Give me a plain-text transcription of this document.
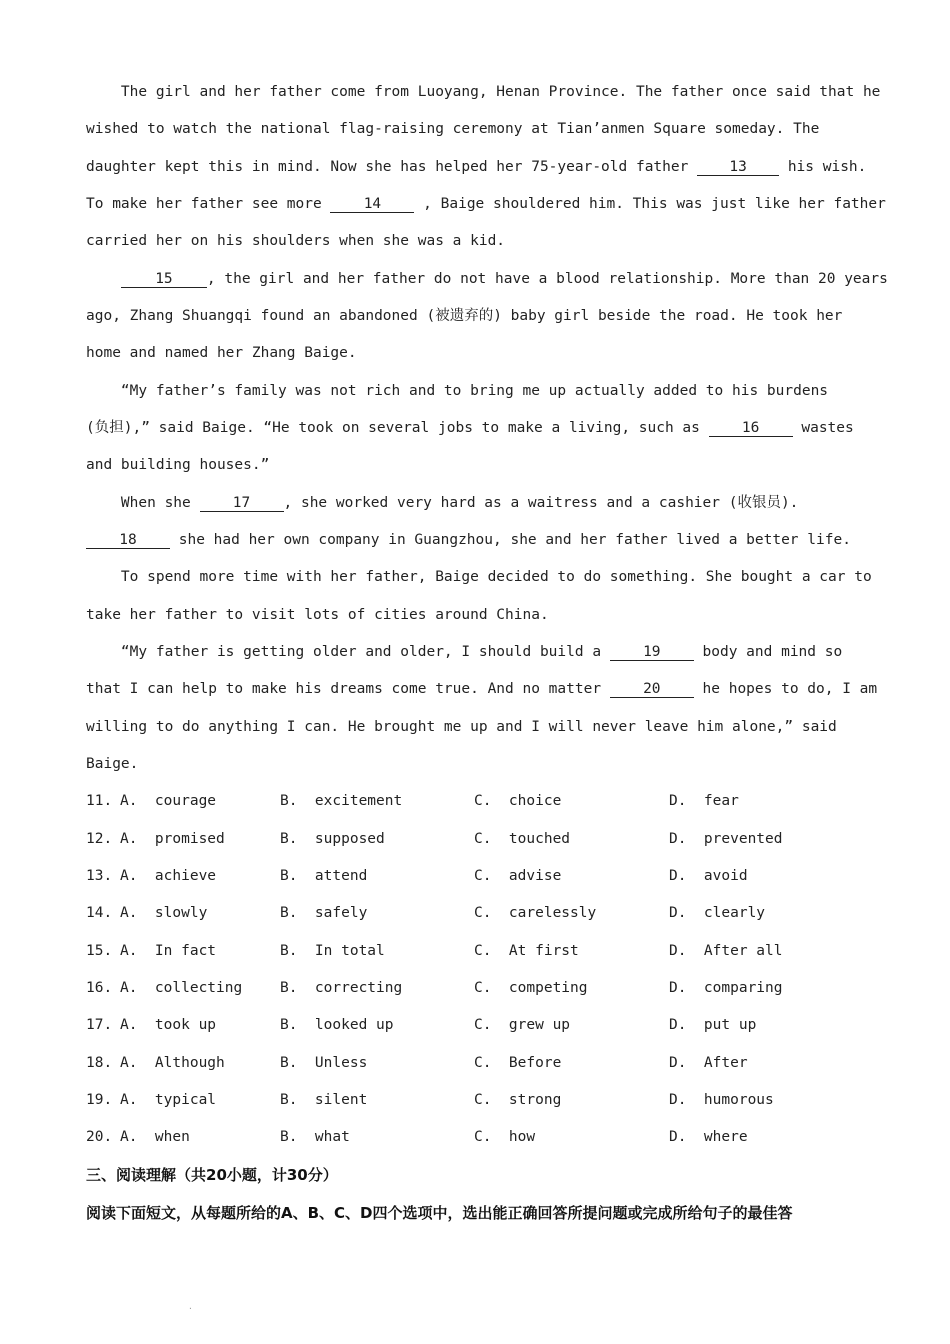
The girl and her father come from Luoyang, Henan Province. The father once said that he
wished to watch the national flag-raising ceremony at Tian’anmen Square someday. The
daughter kept this in mind. Now she has helped her 75-year-old father 13 his wish.
To make her father see more 14 , Baige shouldered him. This was just like her father
carried her on his shoulders when she was a kid.
15 , the girl and her father do not have a blood relationship. More than 20 years
ago, Zhang Shuangqi found an abandoned (被遗弃的) baby girl beside the road. He took her
home and named her Zhang Baige.
“My father’s family was not rich and to bring me up actually added to his burdens
(负担),” said Baige. “He took on several jobs to make a living, such as 16 wastes
and building houses.”
When she 17 , she worked very hard as a waitress and a cashier (收银员).
18 she had her own company in Guangzhou, she and her father lived a better life.
To spend more time with her father, Baige decided to do something. She bought a car to
take her father to visit lots of cities around China.
“My father is getting older and older, I should build a 19 body and mind so
that I can help to make his dreams come true. And no matter 20 he hopes to do, I am
willing to do anything I can. He brought me up and I will never leave him alone,” said
Baige.
11. A.  courage	B.  excitement	C.  choice	D.  fear
12. A.  promised	B.  supposed	C.  touched	D.  prevented
13. A.  achieve	B.  attend	C.  advise	D.  avoid
14. A.  slowly	B.  safely	C.  carelessly	D.  clearly
15. A.  In fact	B.  In total	C.  At first	D.  After all
16. A.  collecting	B.  correcting	C.  competing	D.  comparing
17. A.  took up	B.  looked up	C.  grew up	D.  put up
18. A.  Although	B.  Unless	C.  Before	D.  After
19. A.  typical	B.  silent	C.  strong	D.  humorous
20. A.  when	B.  what	C.  how	D.  where
三、阅读理解（共20小题，计30分）
阅读下面短文，从每题所给的A、B、C、D四个选项中，选出能正确回答所提问题或完成所给句子的最佳答
·
